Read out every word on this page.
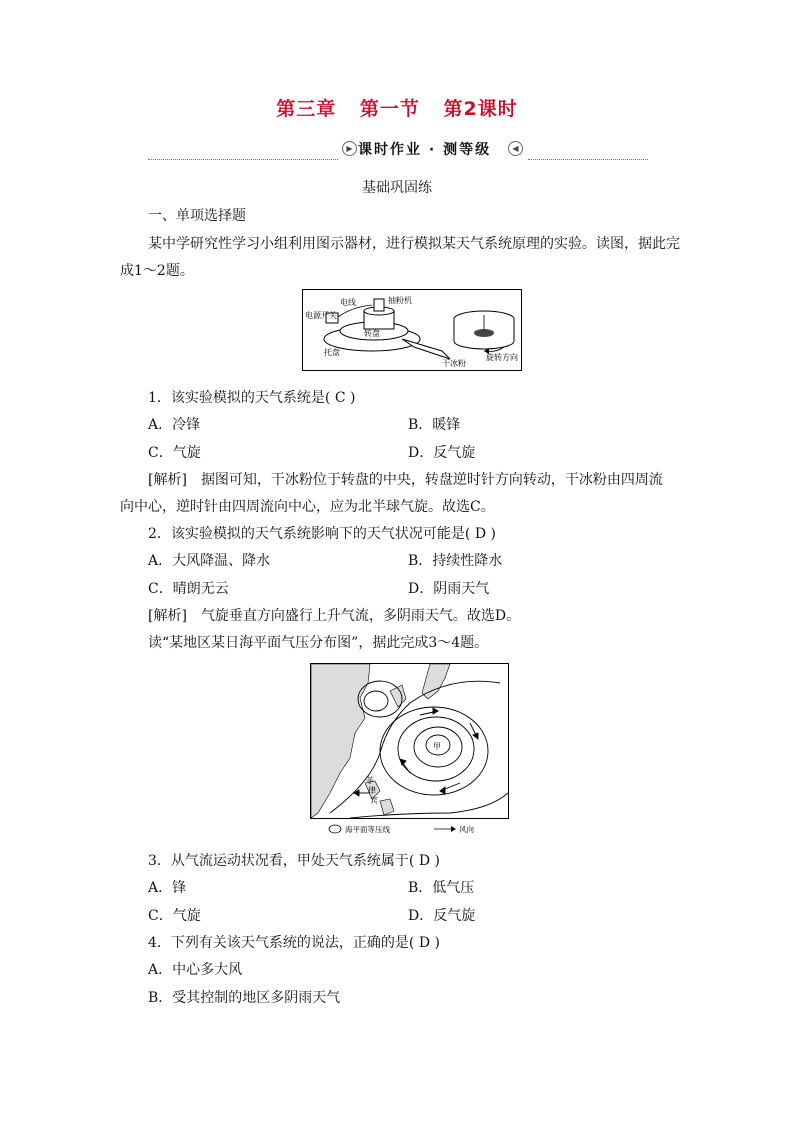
第三章 第一节 第2课时
▶ 课时作业 · 测等级	◀
基础巩固练
一、单项选择题
某中学研究性学习小组利用图示器材，进行模拟某天气系统原理的实验。读图，据此完
成1～2题。
电线
电源开关
抽粉机
转盘
托盘
干冰粉
旋转方向
1．该实验模拟的天气系统是( C )
A．冷锋	B．暖锋
C．气旋	D．反气旋
[解析] 据图可知，干冰粉位于转盘的中央，转盘逆时针方向转动，干冰粉由四周流
向中心，逆时针由四周流向中心，应为北半球气旋。故选C。
2．该实验模拟的天气系统影响下的天气状况可能是( D )
A．大风降温、降水	B．持续性降水
C．晴朗无云	D．阴雨天气
[解析] 气旋垂直方向盛行上升气流，多阴雨天气。故选D。
读“某地区某日海平面气压分布图”，据此完成3～4题。
甲
菲
律
宾
海平面等压线	风向
3．从气流运动状况看，甲处天气系统属于( D )
A．锋	B．低气压
C．气旋	D．反气旋
4．下列有关该天气系统的说法，正确的是( D )
A．中心多大风
B．受其控制的地区多阴雨天气
